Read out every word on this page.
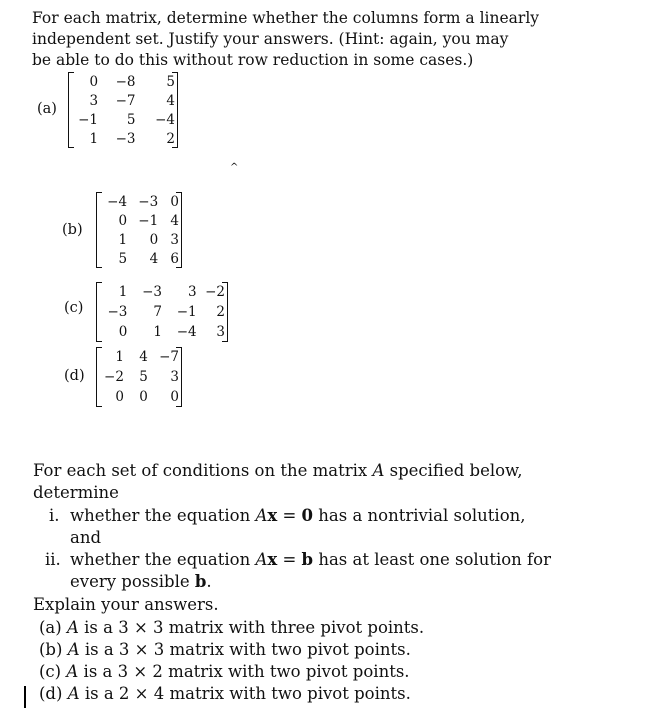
For each matrix, determine whether the columns form a linearly
independent set. Justify your answers. (Hint: again, you may
be able to do this without row reduction in some cases.)
(a)
0	−8	5
3	−7	4
−1	5	−4
1	−3	2
^
(b)
−4	−3	0
0	−1	4
1	0	3
5	4	6
(c)
1	−3	3	−2
−3	7	−1	2
0	1	−4	3
(d)
1	4	−7
−2	5	3
0	0	0
For each set of conditions on the matrix A specified below,
determine
i. whether the equation Ax = 0 has a nontrivial solution,
and
ii. whether the equation Ax = b has at least one solution for
every possible b.
Explain your answers.
(a) A is a 3 × 3 matrix with three pivot points.
(b) A is a 3 × 3 matrix with two pivot points.
(c) A is a 3 × 2 matrix with two pivot points.
(d) A is a 2 × 4 matrix with two pivot points.
